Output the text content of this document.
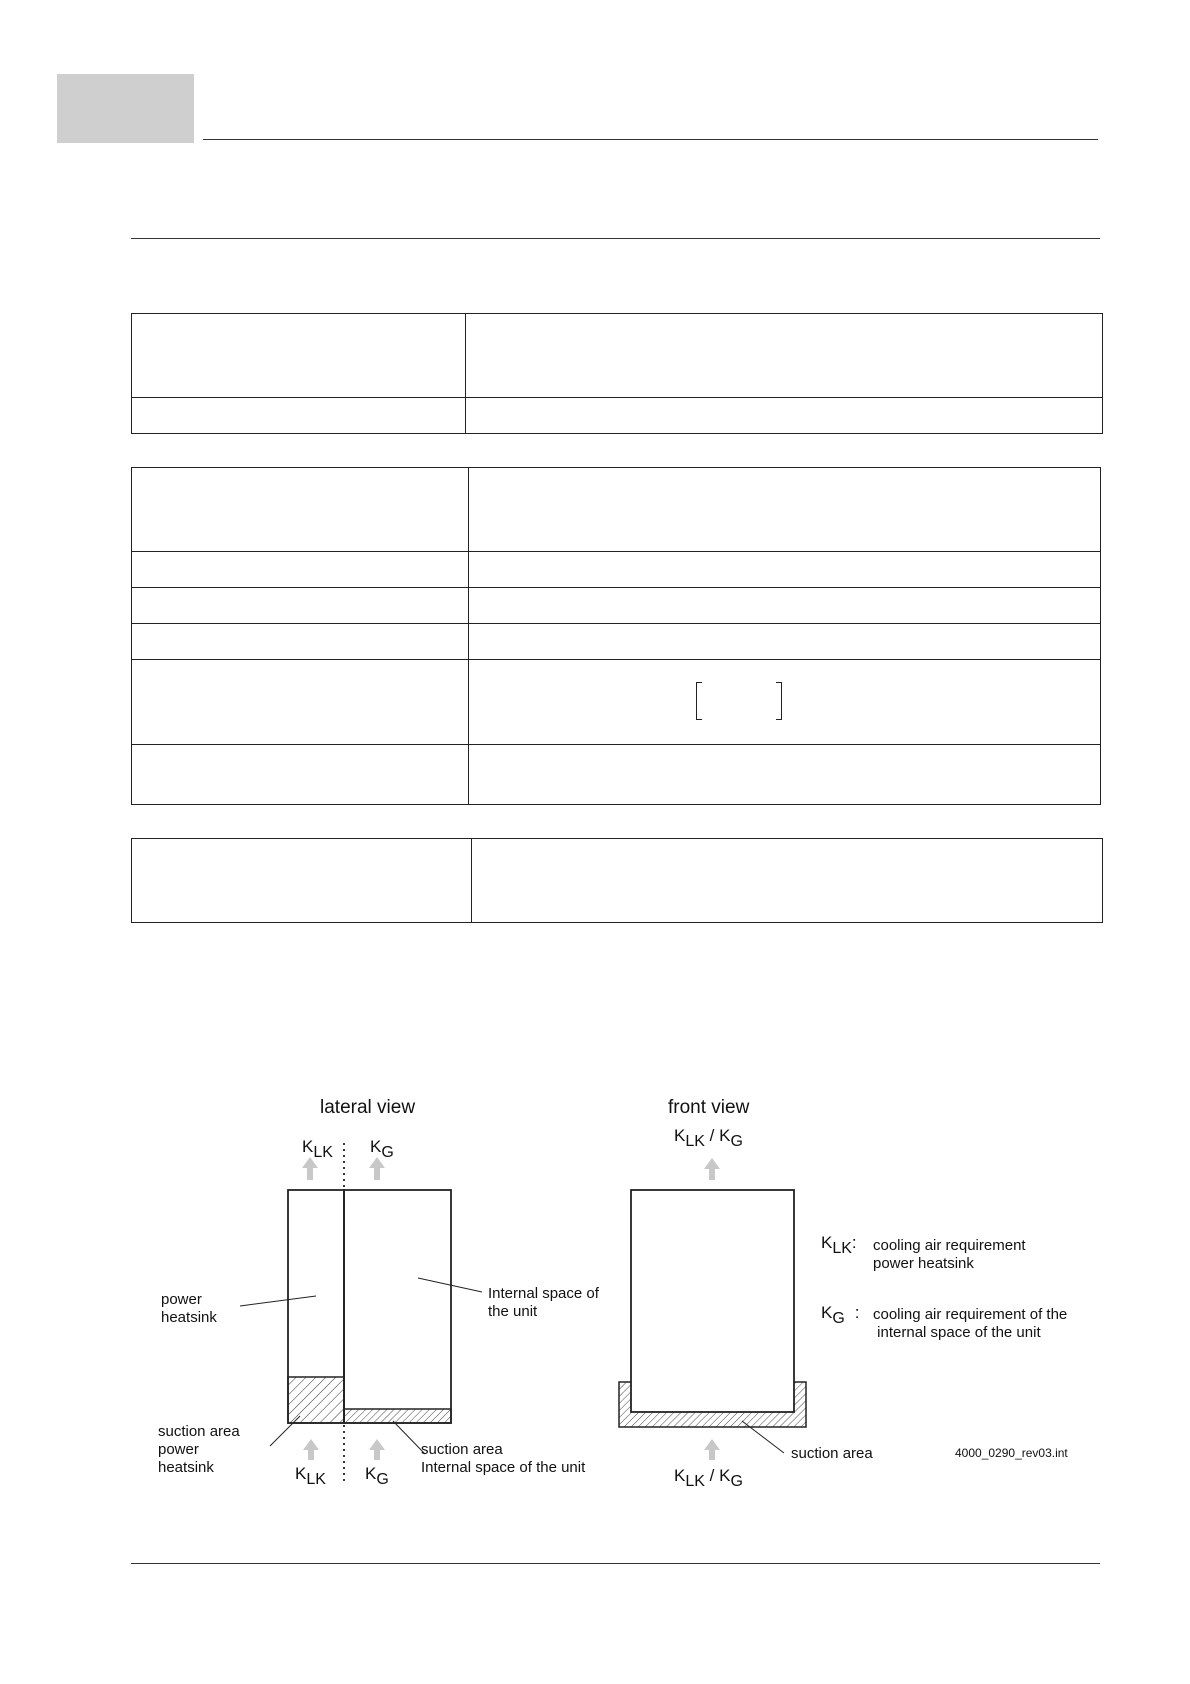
lateral view
KLK KG
power heatsink
Internal space of the unit
suction area power heatsink
suction area Internal space of the unit
KLK KG
front view
KLK / KG
suction area
KLK / KG
KLK: cooling air requirement power heatsink
KG : cooling air requirement of the      internal space of the unit
4000_0290_rev03.int
